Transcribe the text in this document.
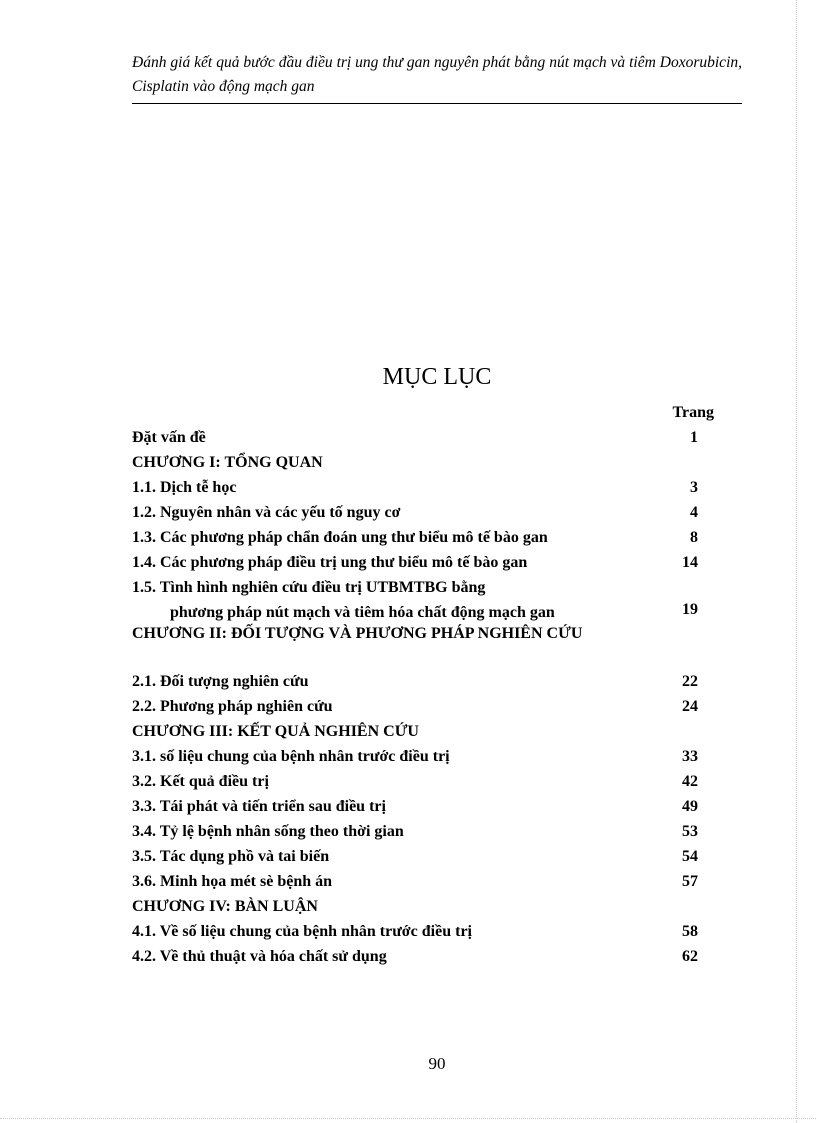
Đánh giá kết quả bước đầu điều trị ung thư gan nguyên phát bằng nút mạch và tiêm Doxorubicin, Cisplatin vào động mạch gan
MỤC LỤC
Trang
Đặt vấn đề	1
CHƯƠNG I: TỔNG QUAN
1.1. Dịch tễ học	3
1.2. Nguyên nhân và các yếu tố nguy cơ	4
1.3. Các phương pháp chẩn đoán ung thư biểu mô tế bào gan	8
1.4. Các phương pháp điều trị ung thư biểu mô tế bào gan	14
1.5. Tình hình nghiên cứu điều trị UTBMTBG bằng
phương pháp nút mạch và tiêm hóa chất động mạch gan	19
CHƯƠNG II: ĐỐI TƯỢNG VÀ PHƯƠNG PHÁP NGHIÊN CỨU
2.1. Đối tượng nghiên cứu	22
2.2. Phương pháp nghiên cứu	24
CHƯƠNG III: KẾT QUẢ NGHIÊN CỨU
3.1. số liệu chung của bệnh nhân trước điều trị	33
3.2. Kết quả điều trị	42
3.3. Tái phát và tiến triển sau điều trị	49
3.4. Tỷ lệ bệnh nhân sống theo thời gian	53
3.5. Tác dụng phồ và tai biến	54
3.6. Minh họa mét sè bệnh án	57
CHƯƠNG IV: BÀN LUẬN
4.1. Về số liệu chung của bệnh nhân trước điều trị	58
4.2. Về thủ thuật và hóa chất sử dụng	62
90
